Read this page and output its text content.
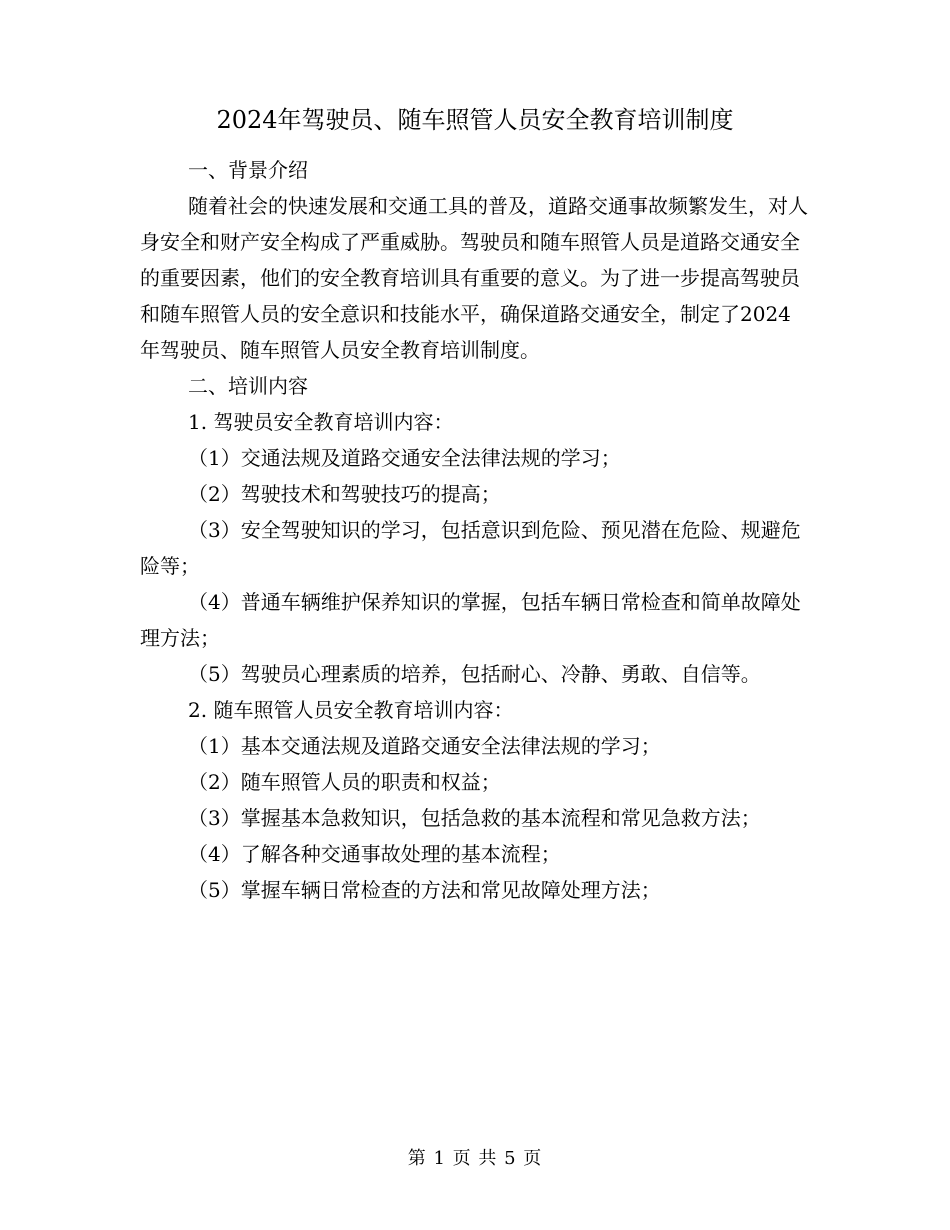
2024年驾驶员、随车照管人员安全教育培训制度

一、背景介绍

随着社会的快速发展和交通工具的普及，道路交通事故频繁发生，对人身安全和财产安全构成了严重威胁。驾驶员和随车照管人员是道路交通安全的重要因素，他们的安全教育培训具有重要的意义。为了进一步提高驾驶员和随车照管人员的安全意识和技能水平，确保道路交通安全，制定了2024年驾驶员、随车照管人员安全教育培训制度。

二、培训内容

1. 驾驶员安全教育培训内容：

（1）交通法规及道路交通安全法律法规的学习；

（2）驾驶技术和驾驶技巧的提高；

（3）安全驾驶知识的学习，包括意识到危险、预见潜在危险、规避危险等；

（4）普通车辆维护保养知识的掌握，包括车辆日常检查和简单故障处理方法；

（5）驾驶员心理素质的培养，包括耐心、冷静、勇敢、自信等。

2. 随车照管人员安全教育培训内容：

（1）基本交通法规及道路交通安全法律法规的学习；

（2）随车照管人员的职责和权益；

（3）掌握基本急救知识，包括急救的基本流程和常见急救方法；

（4）了解各种交通事故处理的基本流程；

（5）掌握车辆日常检查的方法和常见故障处理方法；

第 1 页 共 5 页
